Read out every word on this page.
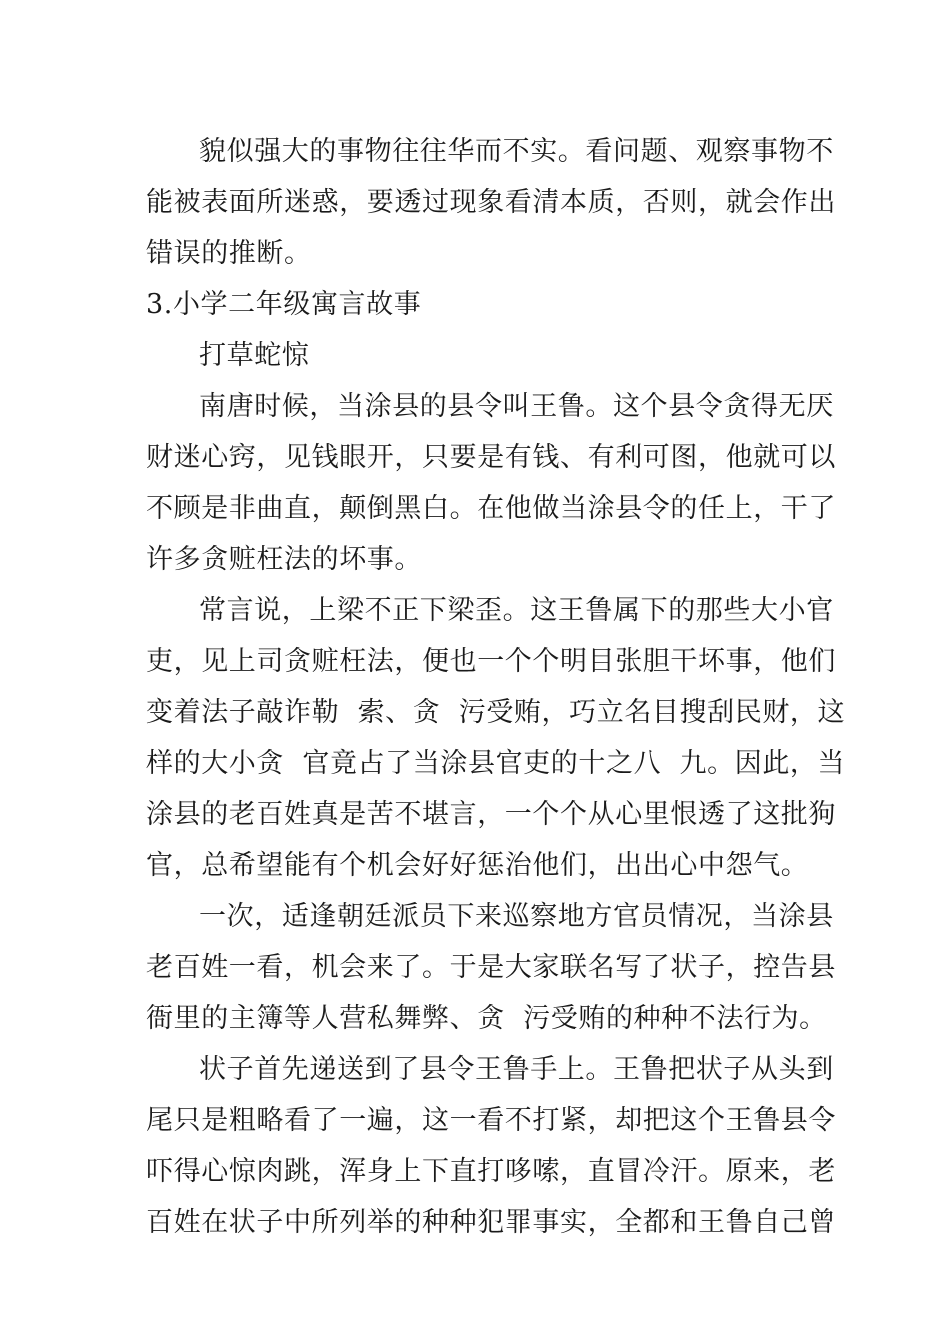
貌似强大的事物往往华而不实。看问题、观察事物不
能被表面所迷惑，要透过现象看清本质，否则，就会作出
错误的推断。
3.小学二年级寓言故事
打草蛇惊
南唐时候，当涂县的县令叫王鲁。这个县令贪得无厌
财迷心窍，见钱眼开，只要是有钱、有利可图，他就可以
不顾是非曲直，颠倒黑白。在他做当涂县令的任上，干了
许多贪赃枉法的坏事。
常言说，上梁不正下梁歪。这王鲁属下的那些大小官
吏，见上司贪赃枉法，便也一个个明目张胆干坏事，他们
变着法子敲诈勒  索、贪  污受贿，巧立名目搜刮民财，这
样的大小贪  官竟占了当涂县官吏的十之八  九。因此，当
涂县的老百姓真是苦不堪言，一个个从心里恨透了这批狗
官，总希望能有个机会好好惩治他们，出出心中怨气。
一次，适逢朝廷派员下来巡察地方官员情况，当涂县
老百姓一看，机会来了。于是大家联名写了状子，控告县
衙里的主簿等人营私舞弊、贪  污受贿的种种不法行为。
状子首先递送到了县令王鲁手上。王鲁把状子从头到
尾只是粗略看了一遍，这一看不打紧，却把这个王鲁县令
吓得心惊肉跳，浑身上下直打哆嗦，直冒冷汗。原来，老
百姓在状子中所列举的种种犯罪事实，全都和王鲁自己曾
